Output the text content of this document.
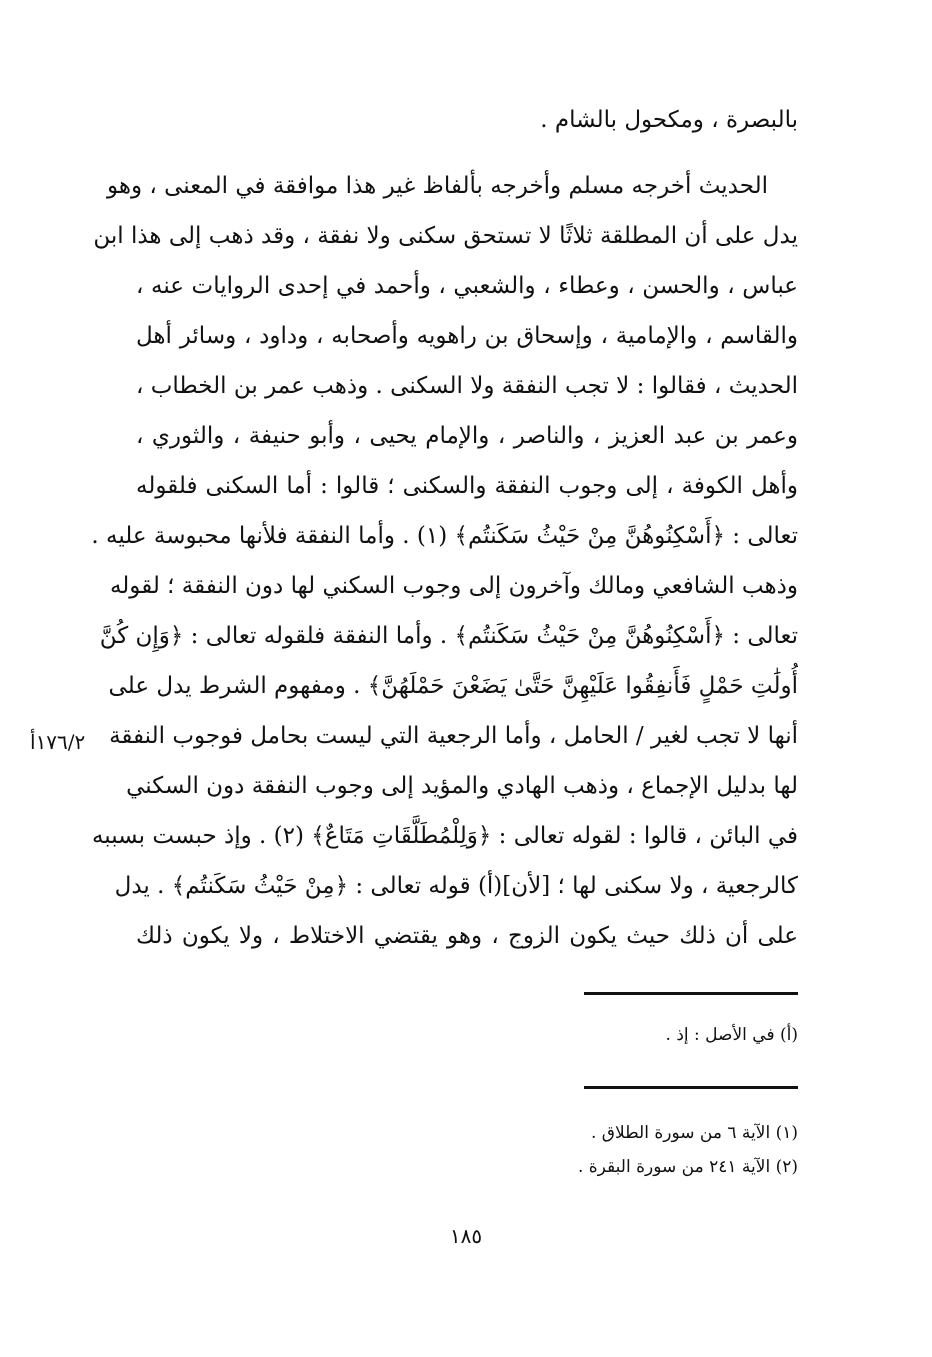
بالبصرة ، ومكحول بالشام .
الحديث أخرجه مسلم وأخرجه بألفاظ غير هذا موافقة في المعنى ، وهو
يدل على أن المطلقة ثلاثًا لا تستحق سكنى ولا نفقة ، وقد ذهب إلى هذا ابن
عباس ، والحسن ، وعطاء ، والشعبي ، وأحمد في إحدى الروايات عنه ،
والقاسم ، والإمامية ، وإسحاق بن راهويه وأصحابه ، وداود ، وسائر أهل
الحديث ، فقالوا : لا تجب النفقة ولا السكنى . وذهب عمر بن الخطاب ،
وعمر بن عبد العزيز ، والناصر ، والإمام يحيى ، وأبو حنيفة ، والثوري ،
وأهل الكوفة ، إلى وجوب النفقة والسكنى ؛ قالوا : أما السكنى فلقوله
تعالى : ﴿أَسْكِنُوهُنَّ مِنْ حَيْثُ سَكَنتُم﴾ (١) . وأما النفقة فلأنها محبوسة عليه .
وذهب الشافعي ومالك وآخرون إلى وجوب السكني لها دون النفقة ؛ لقوله
تعالى : ﴿أَسْكِنُوهُنَّ مِنْ حَيْثُ سَكَنتُم﴾ . وأما النفقة فلقوله تعالى : ﴿وَإِن كُنَّ
أُولَٰتِ حَمْلٍ فَأَنفِقُوا عَلَيْهِنَّ حَتَّىٰ يَضَعْنَ حَمْلَهُنَّ﴾ . ومفهوم الشرط يدل على
أنها لا تجب لغير / الحامل ، وأما الرجعية التي ليست بحامل فوجوب النفقة
لها بدليل الإجماع ، وذهب الهادي والمؤيد إلى وجوب النفقة دون السكني
في البائن ، قالوا : لقوله تعالى : ﴿وَلِلْمُطَلَّقَاتِ مَتَاعٌ﴾ (٢) . وإذ حبست بسببه
كالرجعية ، ولا سكنى لها ؛ [لأن](أ) قوله تعالى : ﴿مِنْ حَيْثُ سَكَنتُم﴾ . يدل
على أن ذلك حيث يكون الزوج ، وهو يقتضي الاختلاط ، ولا يكون ذلك
١٧٦/٢أ
(أ) في الأصل : إذ .
(١) الآية ٦ من سورة الطلاق .
(٢) الآية ٢٤١ من سورة البقرة .
١٨٥
